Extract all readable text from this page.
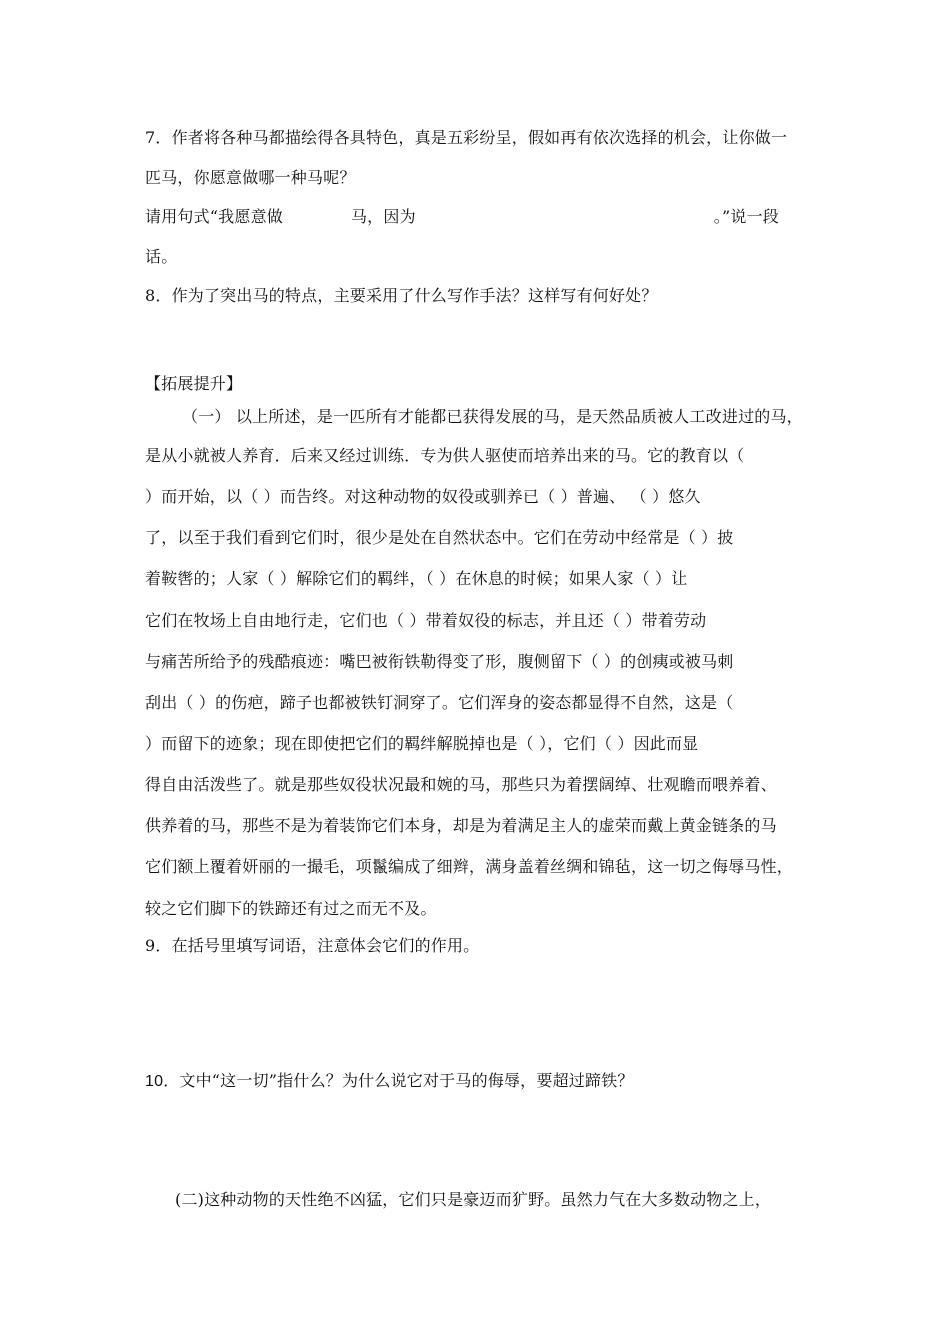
7．作者将各种马都描绘得各具特色，真是五彩纷呈，假如再有依次选择的机会，让你做一
匹马，你愿意做哪一种马呢？
请用句式“我愿意做	马，因为	。”说一段
话。
8．作为了突出马的特点，主要采用了什么写作手法？这样写有何好处？
【拓展提升】
（一） 以上所述，是一匹所有才能都已获得发展的马，是天然品质被人工改进过的马，
是从小就被人养育．后来又经过训练．专为供人驱使而培养出来的马。它的教育以（
）而开始，以（ ）而告终。对这种动物的奴役或驯养已（ ）普遍、 （ ）悠久
了，以至于我们看到它们时，很少是处在自然状态中。它们在劳动中经常是（ ）披
着鞍辔的；人家（ ）解除它们的羁绊，（ ）在休息的时候；如果人家（ ）让
它们在牧场上自由地行走，它们也（ ）带着奴役的标志，并且还（ ）带着劳动
与痛苦所给予的残酷痕迹：嘴巴被衔铁勒得变了形，腹侧留下（ ）的创痍或被马刺
刮出（ ）的伤疤，蹄子也都被铁钉洞穿了。它们浑身的姿态都显得不自然，这是（
）而留下的迹象；现在即使把它们的羁绊解脱掉也是（ ），它们（ ）因此而显
得自由活泼些了。就是那些奴役状况最和婉的马，那些只为着摆阔绰、壮观瞻而喂养着、
供养着的马，那些不是为着装饰它们本身，却是为着满足主人的虚荣而戴上黄金链条的马
它们额上覆着妍丽的一撮毛，项鬣编成了细辫，满身盖着丝绸和锦毡，这一切之侮辱马性，
较之它们脚下的铁蹄还有过之而无不及。
9．在括号里填写词语，注意体会它们的作用。
10．文中“这一切”指什么？为什么说它对于马的侮辱，要超过蹄铁？
(二)这种动物的天性绝不凶猛，它们只是豪迈而犷野。虽然力气在大多数动物之上，
